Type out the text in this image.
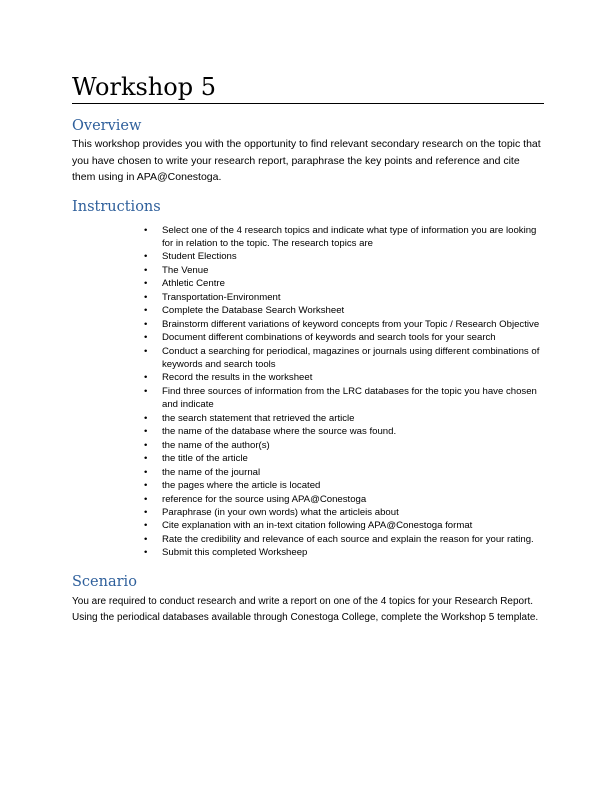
Workshop 5
Overview

This workshop provides you with the opportunity to find relevant secondary research on the topic that you have chosen to write your research report, paraphrase the key points and reference and cite them using in APA@Conestoga.

Instructions
•	Select one of the 4 research topics and indicate what type of information you are looking for in relation to the topic. The research topics are
•	Student Elections
•	The Venue
•	Athletic Centre
•	Transportation-Environment
•	Complete the Database Search Worksheet
•	Brainstorm different variations of keyword concepts from your Topic / Research Objective
•	Document different combinations of keywords and search tools for your search
•	Conduct a searching for periodical, magazines or journals using different combinations of keywords and search tools
•	Record the results in the worksheet
•	Find three sources of information from the LRC databases for the topic you have chosen and indicate
•	the search statement that retrieved the article
•	the name of the database where the source was found.
•	the name of the author(s)
•	the title of the article
•	the name of the journal
•	the pages where the article is located
•	reference for the source using APA@Conestoga
•	Paraphrase (in your own words) what the articleis about
•	Cite explanation with an in-text citation following APA@Conestoga format
•	Rate the credibility and relevance of each source and explain the reason for your rating.
•	Submit this completed Worksheep
Scenario

You are required to conduct research and write a report on one of the 4 topics for your Research Report. Using the periodical databases available through Conestoga College, complete the Workshop 5 template.
